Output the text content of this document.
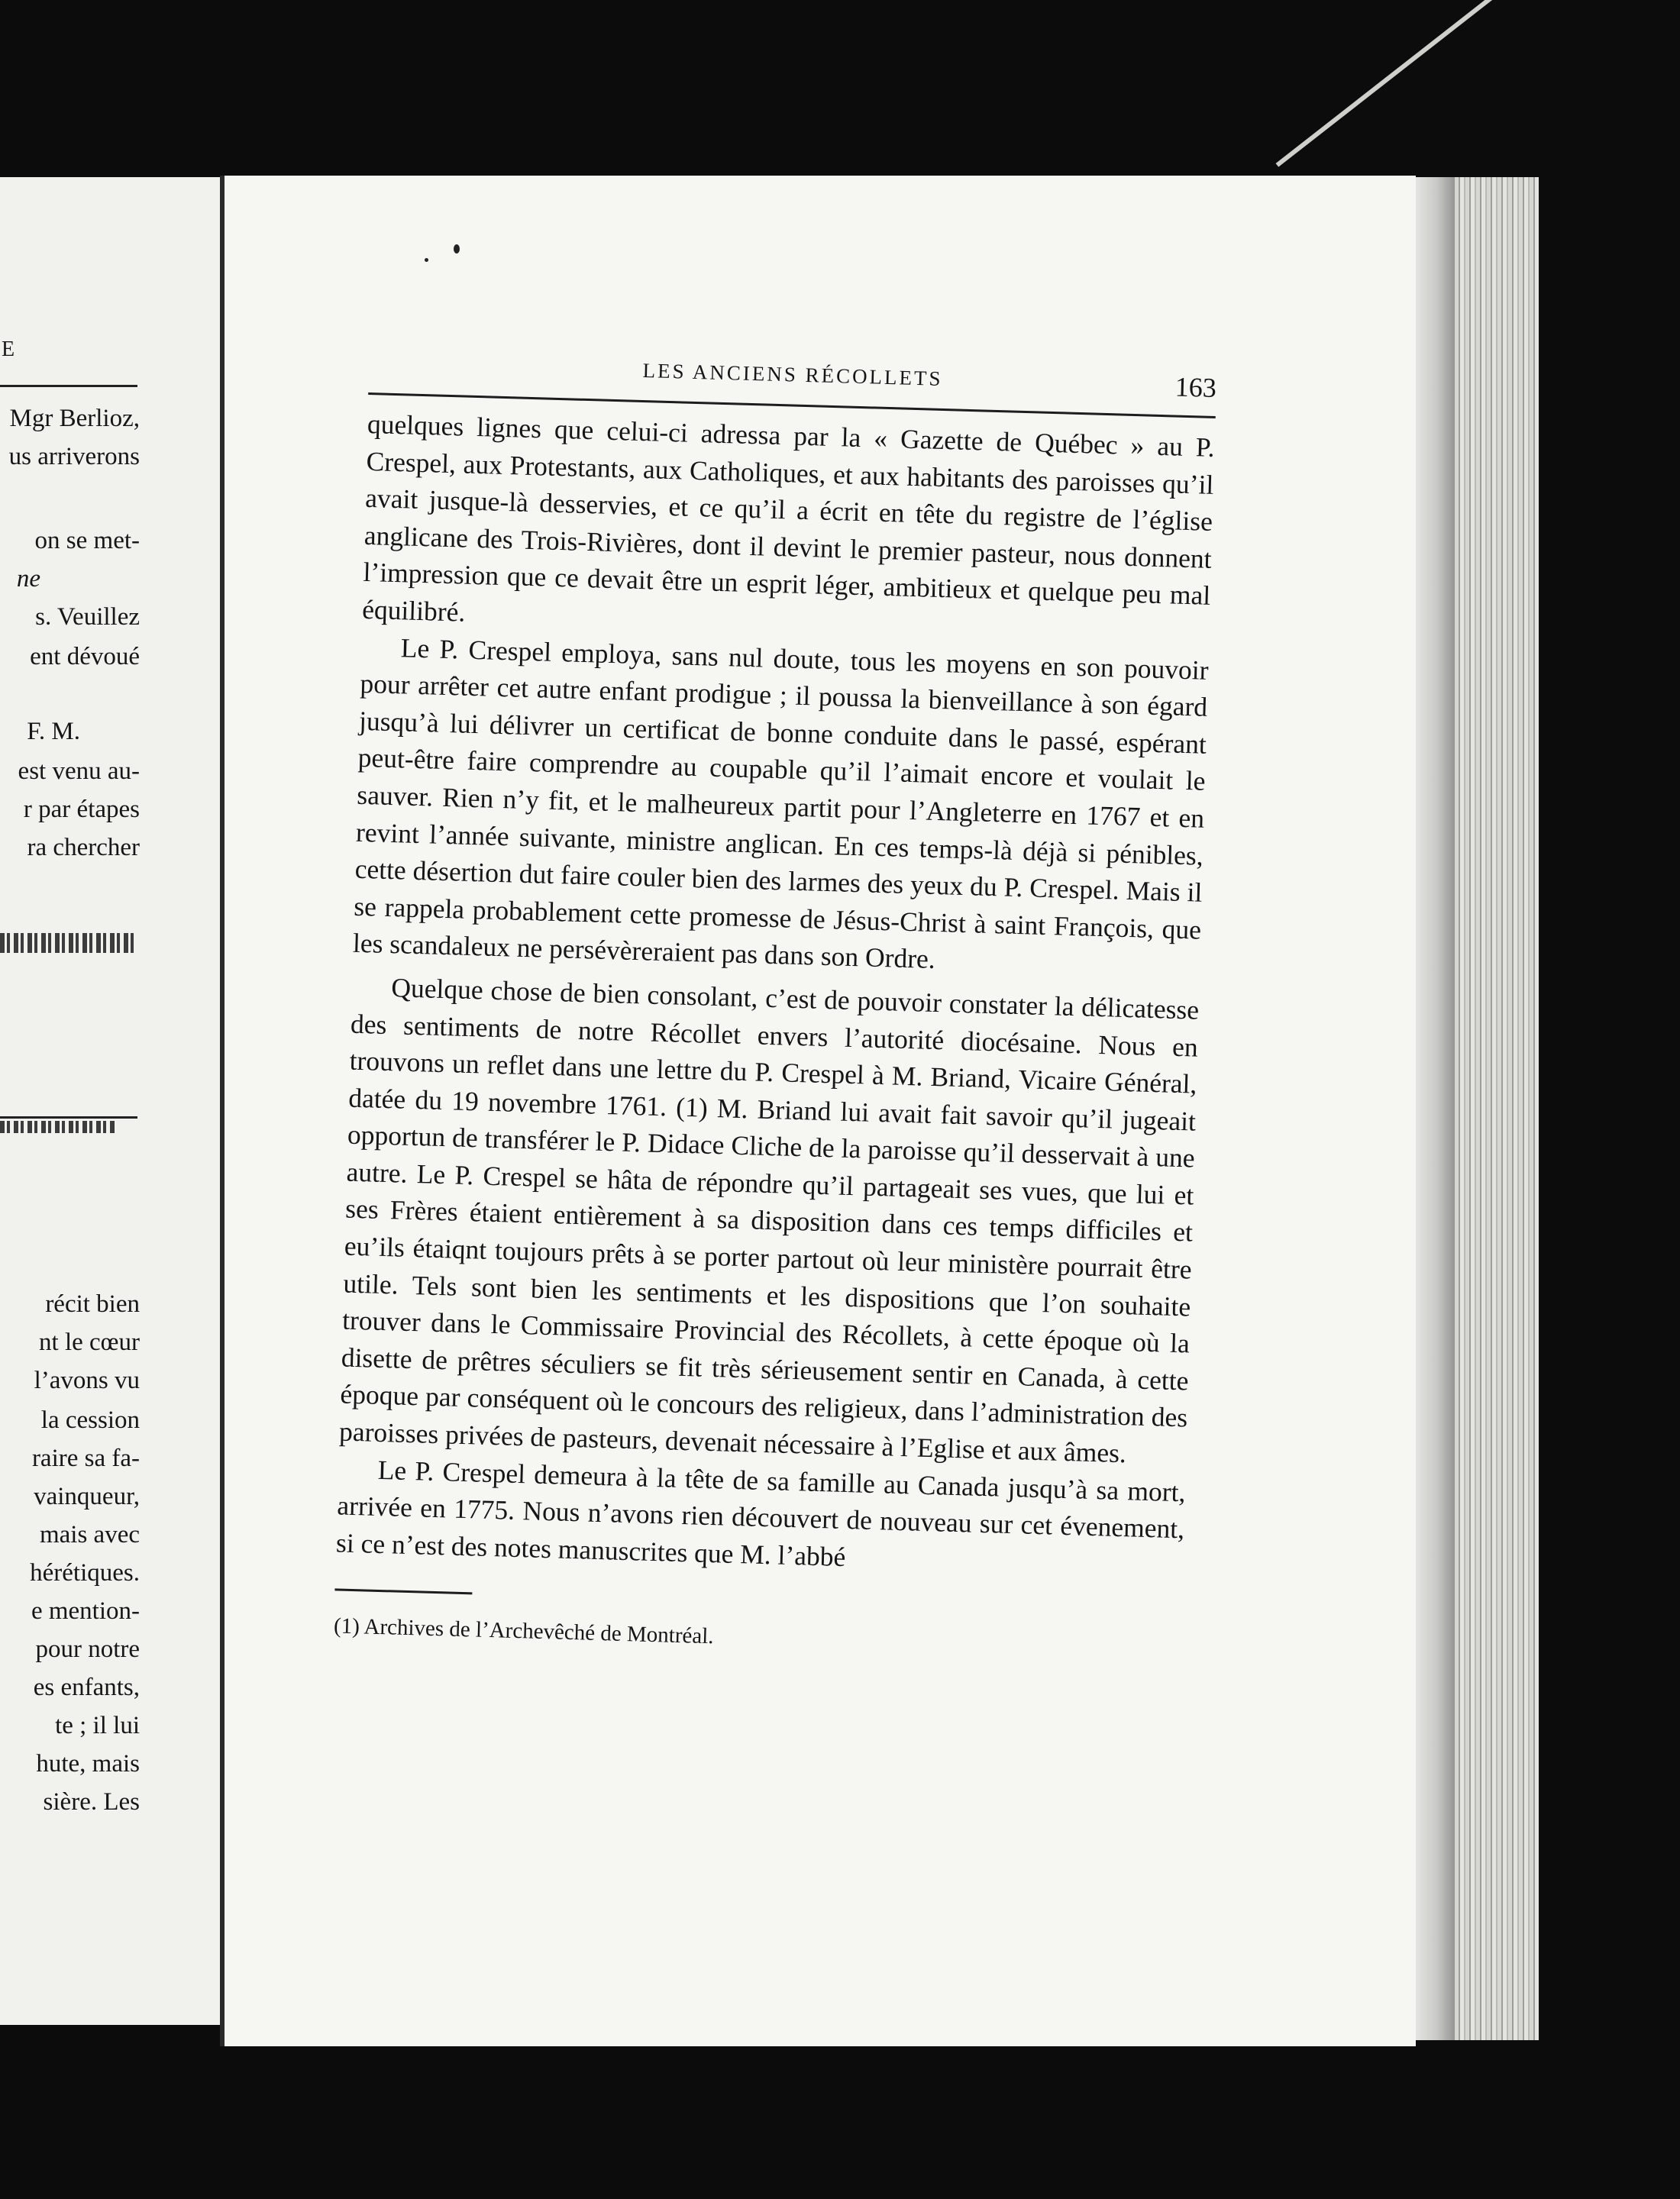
E
Mgr Berlioz,
us arriverons
on se met-
ne
s. Veuillez
ent dévoué
F. M.
est venu au-
r par étapes
ra chercher
récit bien
nt le cœur
l’avons vu
la cession
raire sa fa-
vainqueur,
mais avec
hérétiques.
e mention-
pour notre
es enfants,
te ; il lui
hute, mais
sière. Les
LES ANCIENS RÉCOLLETS	163

quelques lignes que celui-ci adressa par la « Gazette de Québec » au P. Crespel, aux Protestants, aux Catholiques, et aux habitants des paroisses qu’il avait jusque-là desservies, et ce qu’il a écrit en tête du registre de l’église anglicane des Trois-Rivières, dont il devint le premier pasteur, nous donnent l’impression que ce devait être un esprit léger, ambitieux et quelque peu mal équilibré.

Le P. Crespel employa, sans nul doute, tous les moyens en son pouvoir pour arrêter cet autre enfant prodigue ; il poussa la bienveillance à son égard jusqu’à lui délivrer un certificat de bonne conduite dans le passé, espérant peut-être faire comprendre au coupable qu’il l’aimait encore et voulait le sauver. Rien n’y fit, et le malheureux partit pour l’Angleterre en 1767 et en revint l’année suivante, ministre anglican. En ces temps-là déjà si pénibles, cette désertion dut faire couler bien des larmes des yeux du P. Crespel. Mais il se rappela probablement cette promesse de Jésus-Christ à saint François, que les scandaleux ne persévèreraient pas dans son Ordre.

Quelque chose de bien consolant, c’est de pouvoir constater la délicatesse des sentiments de notre Récollet envers l’autorité diocésaine. Nous en trouvons un reflet dans une lettre du P. Crespel à M. Briand, Vicaire Général, datée du 19 novembre 1761. (1) M. Briand lui avait fait savoir qu’il jugeait opportun de transférer le P. Didace Cliche de la paroisse qu’il desservait à une autre. Le P. Crespel se hâta de répondre qu’il partageait ses vues, que lui et ses Frères étaient entièrement à sa disposition dans ces temps difficiles et eu’ils étaiqnt toujours prêts à se porter partout où leur ministère pourrait être utile. Tels sont bien les sentiments et les dispositions que l’on souhaite trouver dans le Commissaire Provincial des Récollets, à cette époque où la disette de prêtres séculiers se fit très sérieusement sentir en Canada, à cette époque par conséquent où le concours des religieux, dans l’administration des paroisses privées de pasteurs, devenait nécessaire à l’Eglise et aux âmes.

Le P. Crespel demeura à la tête de sa famille au Canada jusqu’à sa mort, arrivée en 1775. Nous n’avons rien découvert de nouveau sur cet évenement, si ce n’est des notes manuscrites que M. l’abbé

(1) Archives de l’Archevêché de Montréal.
